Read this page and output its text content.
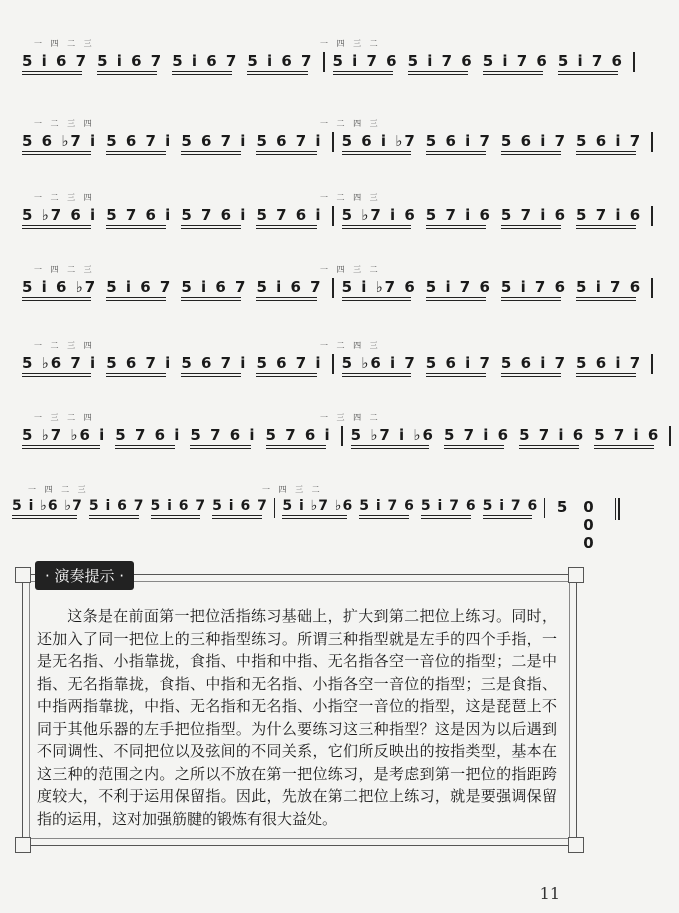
一 四 二 三	一 四 三 二
5 i 6 7 5 i 6 7 5 i 6 7 5 i 6 7 5 i 7 6 5 i 7 6 5 i 7 6 5 i 7 6
一 二 三 四	一 二 四 三
5 6 ♭7 i 5 6 7 i 5 6 7 i 5 6 7 i 5 6 i ♭7 5 6 i 7 5 6 i 7 5 6 i 7
一 二 三 四	一 二 四 三
5 ♭7 6 i 5 7 6 i 5 7 6 i 5 7 6 i 5 ♭7 i 6 5 7 i 6 5 7 i 6 5 7 i 6
一 四 二 三	一 四 三 二
5 i 6 ♭7 5 i 6 7 5 i 6 7 5 i 6 7 5 i ♭7 6 5 i 7 6 5 i 7 6 5 i 7 6
一 二 三 四	一 二 四 三
5 ♭6 7 i 5 6 7 i 5 6 7 i 5 6 7 i 5 ♭6 i 7 5 6 i 7 5 6 i 7 5 6 i 7
一 三 二 四	一 三 四 二
5 ♭7 ♭6 i 5 7 6 i 5 7 6 i 5 7 6 i 5 ♭7 i ♭6 5 7 i 6 5 7 i 6 5 7 i 6
一 四 二 三	一 四 三 二
5 i ♭6 ♭7 5 i 6 7 5 i 6 7 5 i 6 7 5 i ♭7 ♭6 5 i 7 6 5 i 7 6 5 i 7 6 5 0 0 0
· 演奏提示 ·
这条是在前面第一把位活指练习基础上，扩大到第二把位上练习。同时，还加入了同一把位上的三种指型练习。所谓三种指型就是左手的四个手指，一是无名指、小指靠拢，食指、中指和中指、无名指各空一音位的指型；二是中指、无名指靠拢，食指、中指和无名指、小指各空一音位的指型；三是食指、中指两指靠拢，中指、无名指和无名指、小指空一音位的指型，这是琵琶上不同于其他乐器的左手把位指型。为什么要练习这三种指型？这是因为以后遇到不同调性、不同把位以及弦间的不同关系，它们所反映出的按指类型，基本在这三种的范围之内。之所以不放在第一把位练习，是考虑到第一把位的指距跨度较大，不利于运用保留指。因此，先放在第二把位上练习，就是要强调保留指的运用，这对加强筋腱的锻炼有很大益处。
11
